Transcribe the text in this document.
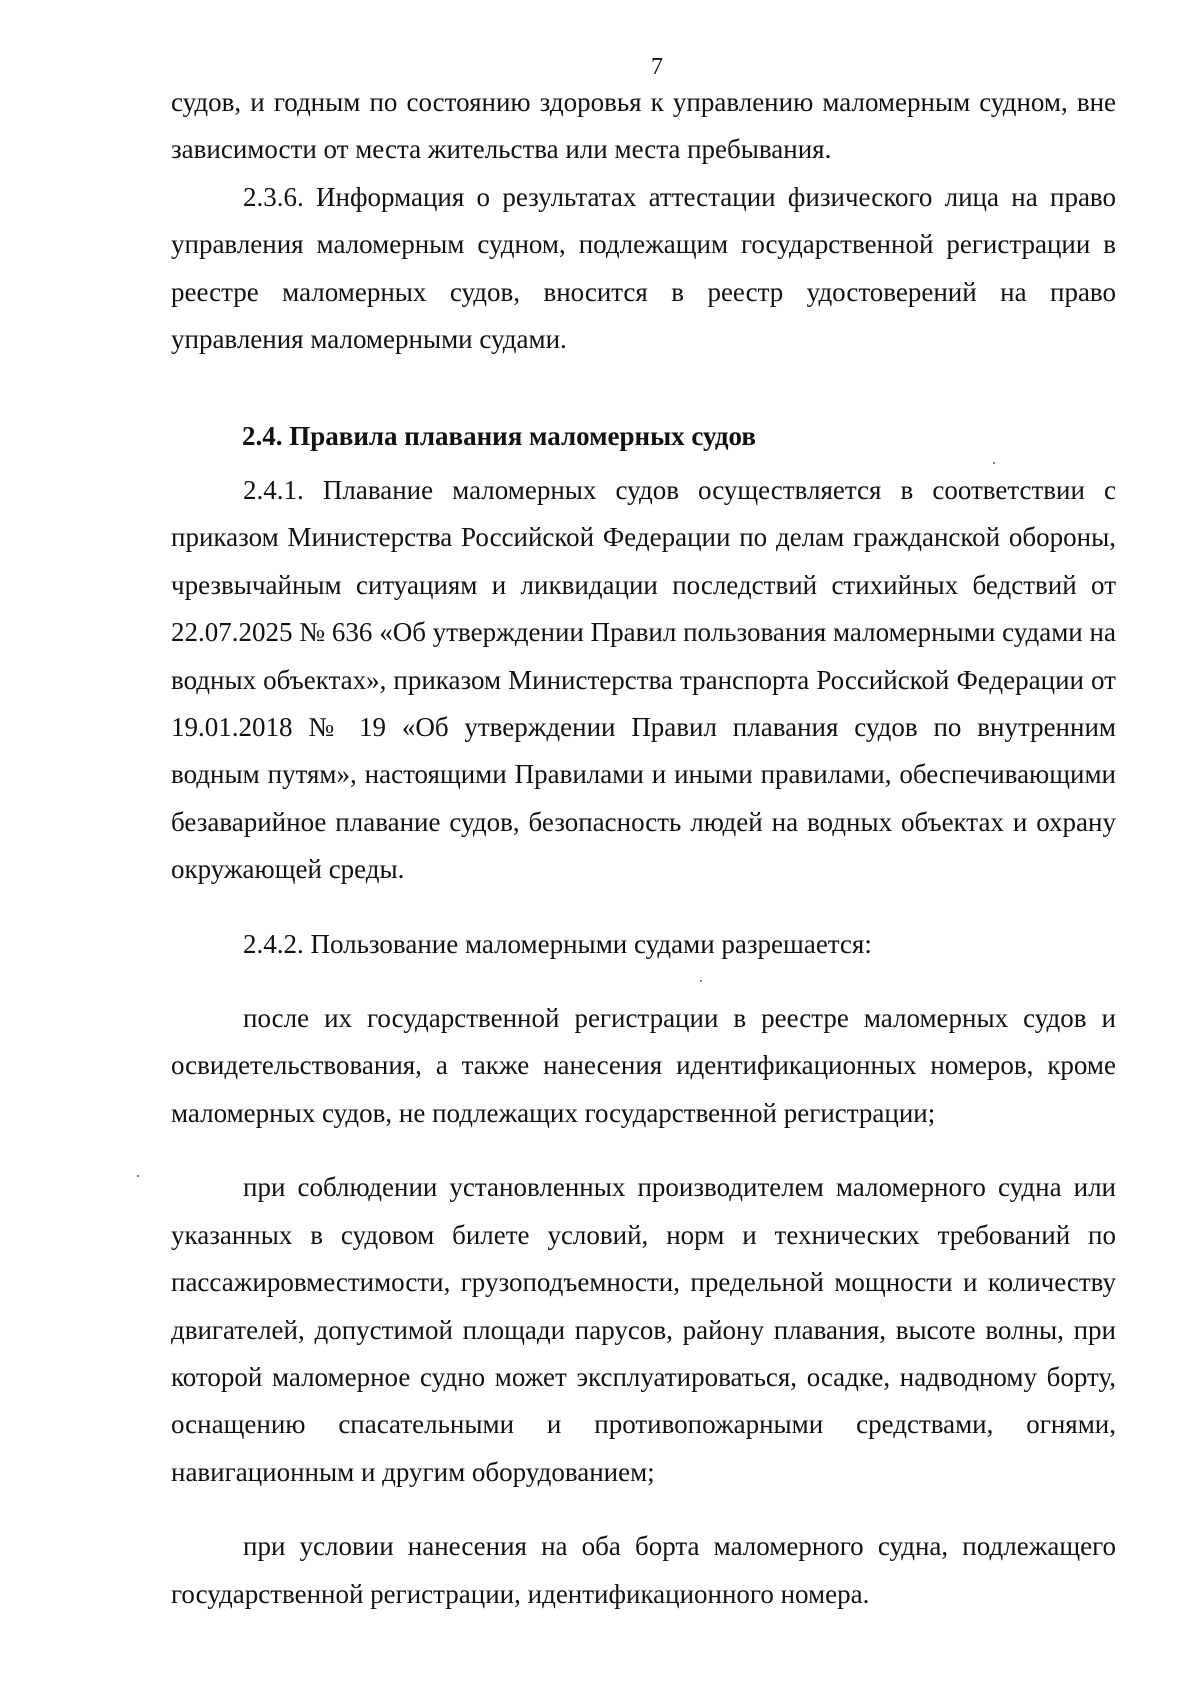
7

судов, и годным по состоянию здоровья к управлению маломерным судном, вне зависимости от места жительства или места пребывания.

2.3.6. Информация о результатах аттестации физического лица на право управления маломерным судном, подлежащим государственной регистрации в реестре маломерных судов, вносится в реестр удостоверений на право управления маломерными судами.

2.4. Правила плавания маломерных судов

2.4.1. Плавание маломерных судов осуществляется в соответствии с приказом Министерства Российской Федерации по делам гражданской обороны, чрезвычайным ситуациям и ликвидации последствий стихийных бедствий от 22.07.2025 № 636 «Об утверждении Правил пользования маломерными судами на водных объектах», приказом Министерства транспорта Российской Федерации от 19.01.2018 № 19 «Об утверждении Правил плавания судов по внутренним водным путям», настоящими Правилами и иными правилами, обеспечивающими безаварийное плавание судов, безопасность людей на водных объектах и охрану окружающей среды.

2.4.2. Пользование маломерными судами разрешается:

после их государственной регистрации в реестре маломерных судов и освидетельствования, а также нанесения идентификационных номеров, кроме маломерных судов, не подлежащих государственной регистрации;

при соблюдении установленных производителем маломерного судна или указанных в судовом билете условий, норм и технических требований по пассажировместимости, грузоподъемности, предельной мощности и количеству двигателей, допустимой площади парусов, району плавания, высоте волны, при которой маломерное судно может эксплуатироваться, осадке, надводному борту, оснащению спасательными и противопожарными средствами, огнями, навигационным и другим оборудованием;

при условии нанесения на оба борта маломерного судна, подлежащего государственной регистрации, идентификационного номера.
